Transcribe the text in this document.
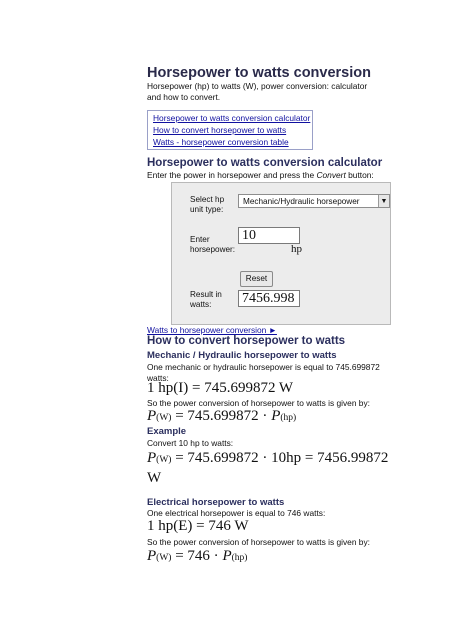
Horsepower to watts conversion
Horsepower (hp) to watts (W), power conversion: calculator and how to convert.
Horsepower to watts conversion calculator
How to convert horsepower to watts
Watts - horsepower conversion table
Horsepower to watts conversion calculator
Enter the power in horsepower and press the Convert button:
Select hp
unit type:
Mechanic/Hydraulic horsepower	▼
Enter
horsepower:
10
hp
Reset
Result in
watts:	7456.998
Watts to horsepower conversion ►
How to convert horsepower to watts
Mechanic / Hydraulic horsepower to watts
One mechanic or hydraulic horsepower is equal to 745.699872
watts:
1 hp(I) = 745.699872 W
So the power conversion of horsepower to watts is given by:
P(W) = 745.699872 · P(hp)
Example
Convert 10 hp to watts:
P(W) = 745.699872 · 10hp = 7456.99872
W
Electrical horsepower to watts
One electrical horsepower is equal to 746 watts:
1 hp(E) = 746 W
So the power conversion of horsepower to watts is given by:
P(W) = 746 · P(hp)
